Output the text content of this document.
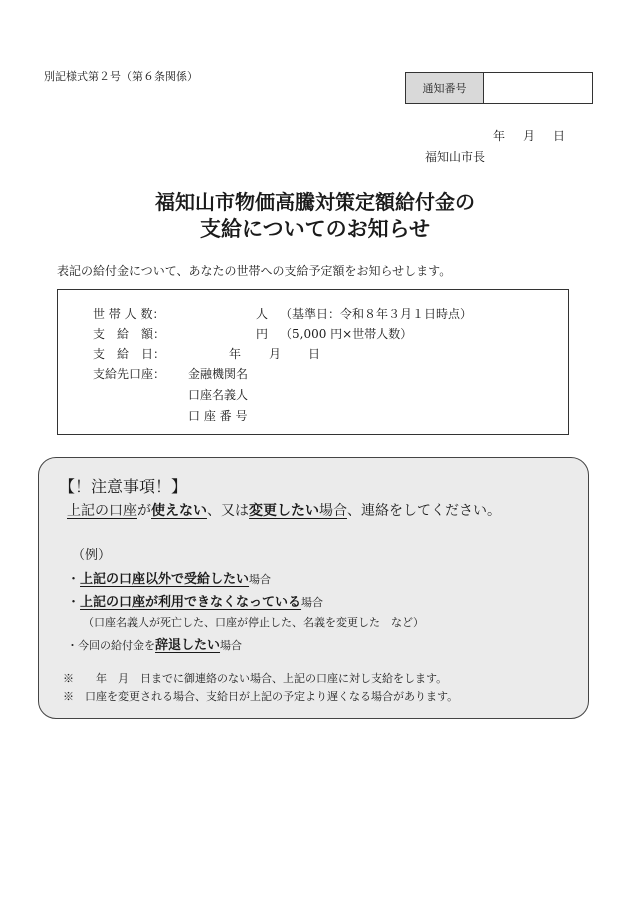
別記様式第２号（第６条関係）
通知番号
年 月 日
福知山市長
福知山市物価高騰対策定額給付金の
支給についてのお知らせ
表記の給付金について、あなたの世帯への支給予定額をお知らせします。
世 帯 人 数：	人 （基準日：令和８年３月１日時点）
支　給　額：	円 （5,000 円×世帯人数）
支　給　日：	年 月 日
支給先口座： 金融機関名
口座名義人
口 座 番 号
【！注意事項！】
上記の口座が使えない、又は変更したい場合、連絡をしてください。
（例）
・上記の口座以外で受給したい場合
・上記の口座が利用できなくなっている場合
（口座名義人が死亡した、口座が停止した、名義を変更した　など）
・今回の給付金を辞退したい場合
※　　年　月　日までに御連絡のない場合、上記の口座に対し支給をします。
※　口座を変更される場合、支給日が上記の予定より遅くなる場合があります。
